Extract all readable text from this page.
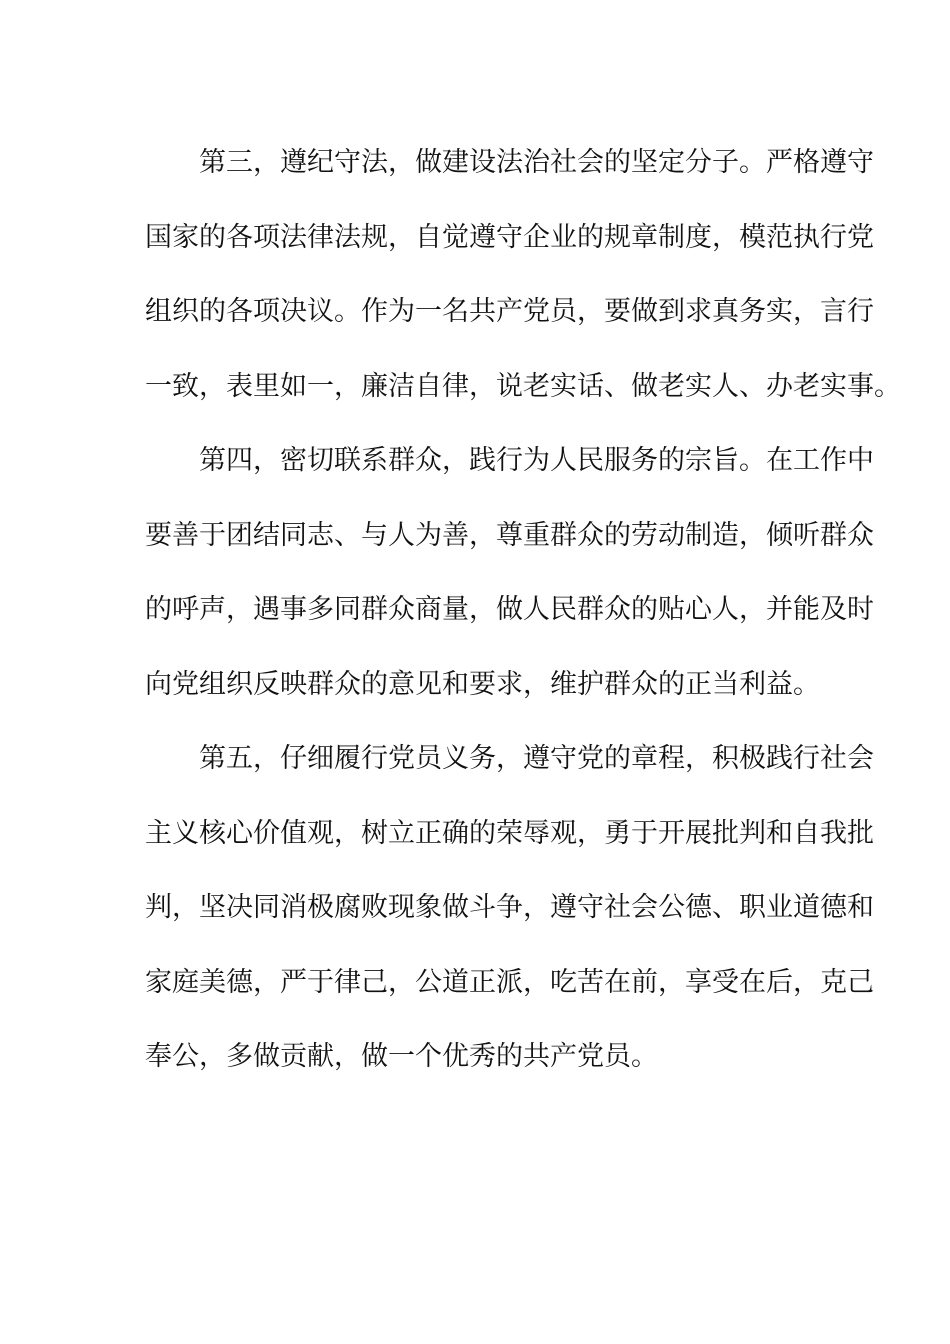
　　第三，遵纪守法，做建设法治社会的坚定分子。严格遵守
国家的各项法律法规，自觉遵守企业的规章制度，模范执行党
组织的各项决议。作为一名共产党员，要做到求真务实，言行
一致，表里如一，廉洁自律，说老实话、做老实人、办老实事。
　　第四，密切联系群众，践行为人民服务的宗旨。在工作中
要善于团结同志、与人为善，尊重群众的劳动制造，倾听群众
的呼声，遇事多同群众商量，做人民群众的贴心人，并能及时
向党组织反映群众的意见和要求，维护群众的正当利益。
　　第五，仔细履行党员义务，遵守党的章程，积极践行社会
主义核心价值观，树立正确的荣辱观，勇于开展批判和自我批
判，坚决同消极腐败现象做斗争，遵守社会公德、职业道德和
家庭美德，严于律己，公道正派，吃苦在前，享受在后，克己
奉公，多做贡献，做一个优秀的共产党员。
